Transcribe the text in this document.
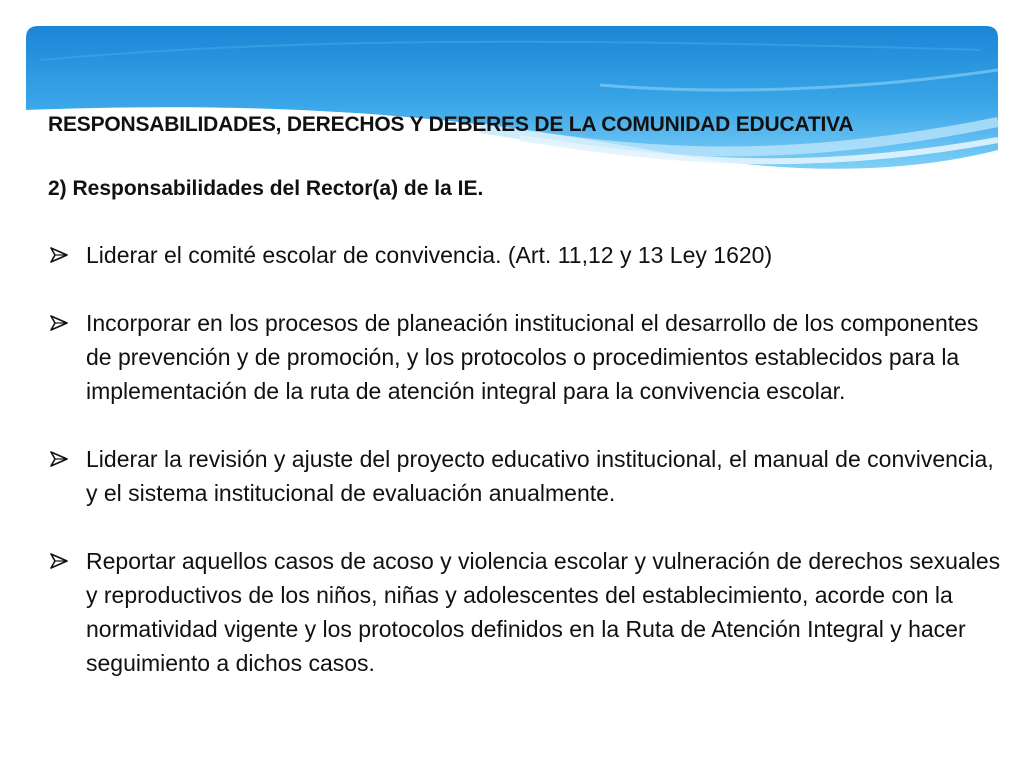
RESPONSABILIDADES, DERECHOS Y DEBERES DE LA COMUNIDAD EDUCATIVA
2) Responsabilidades del Rector(a) de la IE.
Liderar el comité escolar de convivencia. (Art. 11,12 y 13 Ley 1620)
Incorporar en los procesos de planeación institucional el desarrollo de los componentes de prevención y de promoción, y los protocolos o procedimientos establecidos para la implementación de la ruta de atención integral para la convivencia escolar.
Liderar la revisión y ajuste del proyecto educativo institucional, el manual de convivencia, y el sistema institucional de evaluación anualmente.
Reportar aquellos casos de acoso y violencia escolar y vulneración de derechos sexuales y reproductivos de los niños, niñas y adolescentes del establecimiento, acorde con la normatividad vigente y los protocolos definidos en la Ruta de Atención Integral y hacer seguimiento a dichos casos.
